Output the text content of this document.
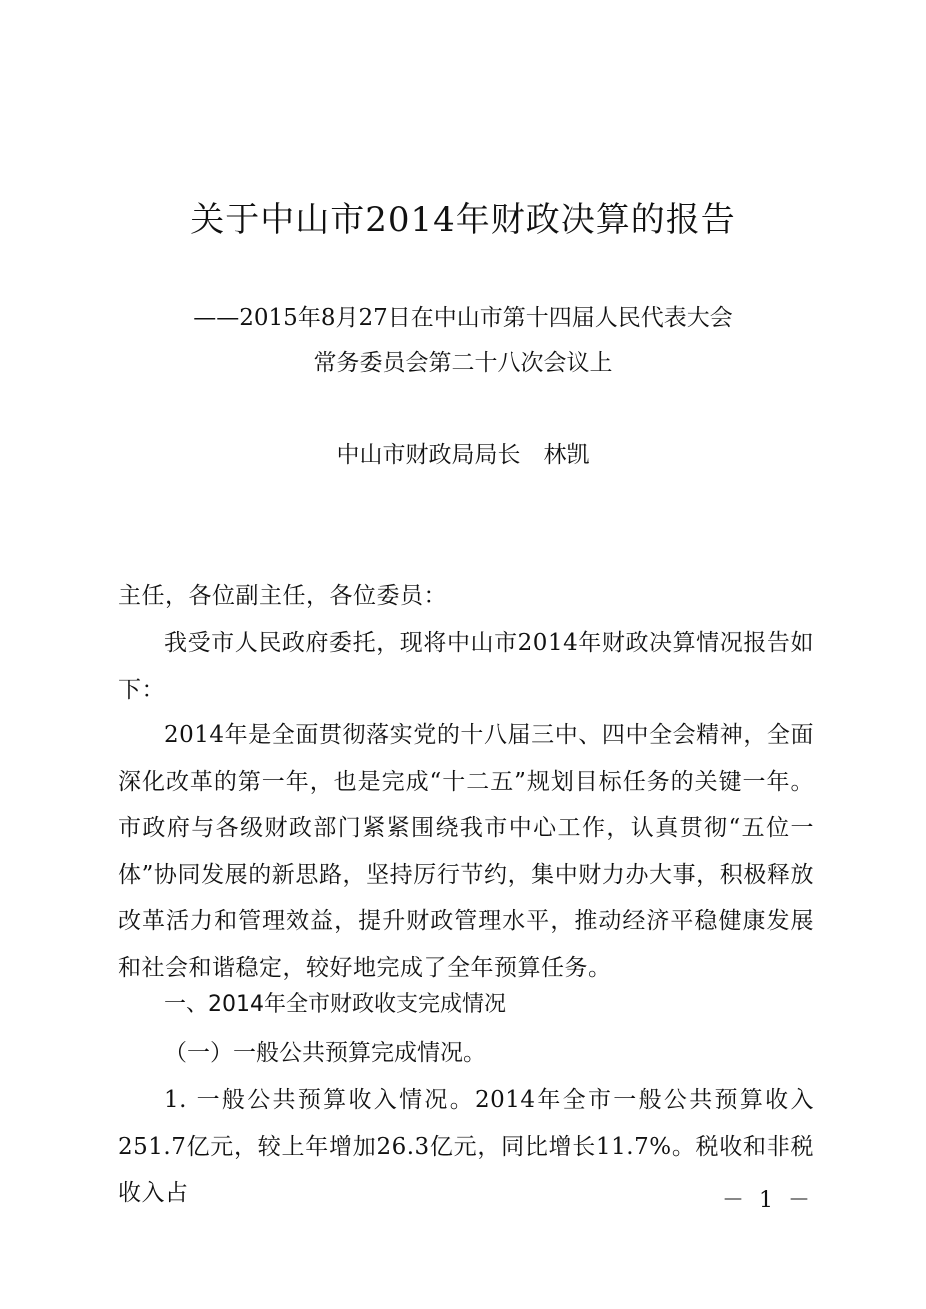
关于中山市2014年财政决算的报告
——2015年8月27日在中山市第十四届人民代表大会
常务委员会第二十八次会议上
中山市财政局局长　林凯
主任，各位副主任，各位委员：
我受市人民政府委托，现将中山市2014年财政决算情况报告如下：
2014年是全面贯彻落实党的十八届三中、四中全会精神，全面深化改革的第一年，也是完成“十二五”规划目标任务的关键一年。市政府与各级财政部门紧紧围绕我市中心工作，认真贯彻“五位一体”协同发展的新思路，坚持厉行节约，集中财力办大事，积极释放改革活力和管理效益，提升财政管理水平，推动经济平稳健康发展和社会和谐稳定，较好地完成了全年预算任务。
一、2014年全市财政收支完成情况
（一）一般公共预算完成情况。
1. 一般公共预算收入情况。2014年全市一般公共预算收入251.7亿元，较上年增加26.3亿元，同比增长11.7%。税收和非税收入占	－ 1 －
